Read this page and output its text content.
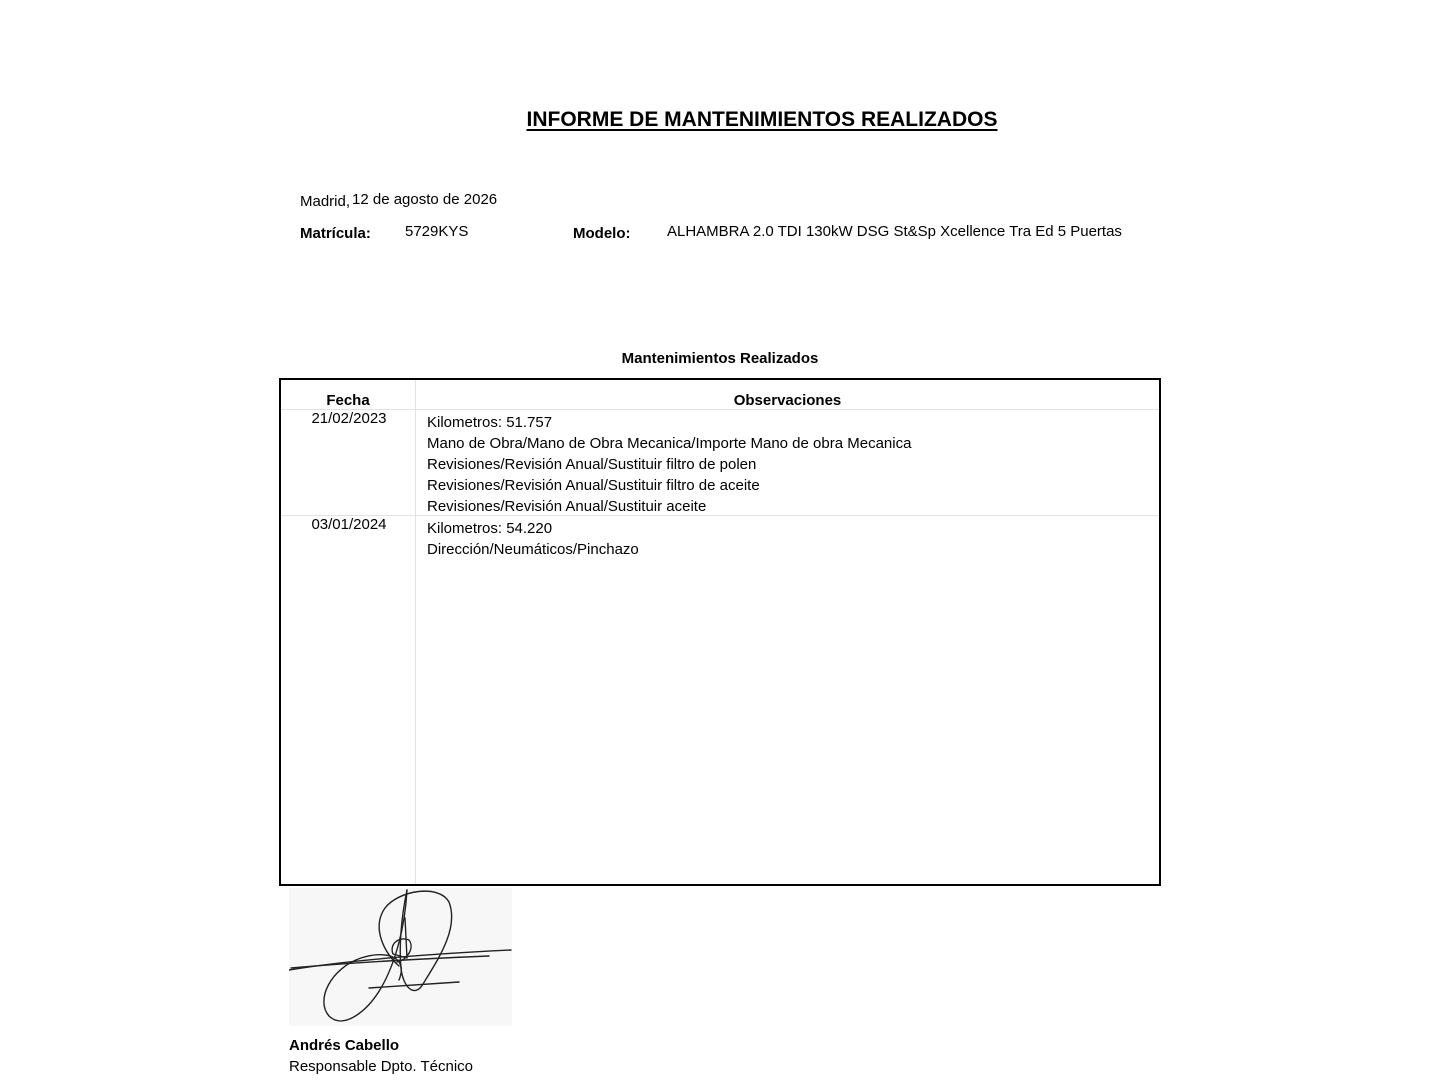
INFORME DE MANTENIMIENTOS REALIZADOS
Madrid, 12 de agosto de 2026
Matrícula: 5729KYS	Modelo: ALHAMBRA 2.0 TDI 130kW DSG St&Sp Xcellence Tra Ed 5 Puertas
Mantenimientos Realizados
Fecha	Observaciones
21/02/2023	Kilometros: 51.757
Mano de Obra/Mano de Obra Mecanica/Importe Mano de obra Mecanica
Revisiones/Revisión Anual/Sustituir filtro de polen
Revisiones/Revisión Anual/Sustituir filtro de aceite
Revisiones/Revisión Anual/Sustituir aceite
03/01/2024	Kilometros: 54.220
Dirección/Neumáticos/Pinchazo
Andrés Cabello
Responsable Dpto. Técnico
